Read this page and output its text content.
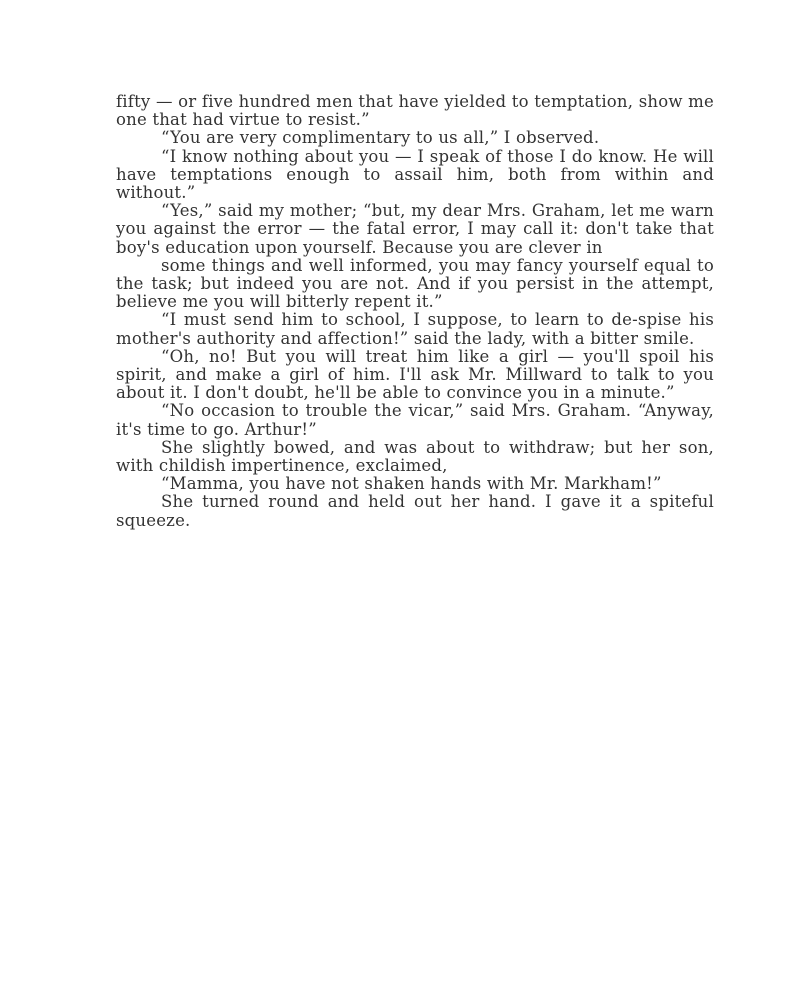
fifty — or five hundred men that have yielded to temptation, show me one that had virtue to resist.”

“You are very complimentary to us all,” I observed.

“I know nothing about you — I speak of those I do know. He will have temptations enough to assail him, both from within and without.”

“Yes,” said my mother; “but, my dear Mrs. Graham, let me warn you against the error — the fatal error, I may call it: don't take that boy's education upon yourself. Because you are clever in

some things and well informed, you may fancy yourself equal to the task; but indeed you are not. And if you persist in the attempt, believe me you will bitterly repent it.”

“I must send him to school, I suppose, to learn to de-spise his mother's authority and affection!” said the lady, with a bitter smile.

“Oh, no! But you will treat him like a girl — you'll spoil his spirit, and make a girl of him. I'll ask Mr. Millward to talk to you about it. I don't doubt, he'll be able to convince you in a minute.”

“No occasion to trouble the vicar,” said Mrs. Graham. “Anyway, it's time to go. Arthur!”

She slightly bowed, and was about to withdraw; but her son, with childish impertinence, exclaimed,

“Mamma, you have not shaken hands with Mr. Markham!”

She turned round and held out her hand. I gave it a spiteful squeeze.
